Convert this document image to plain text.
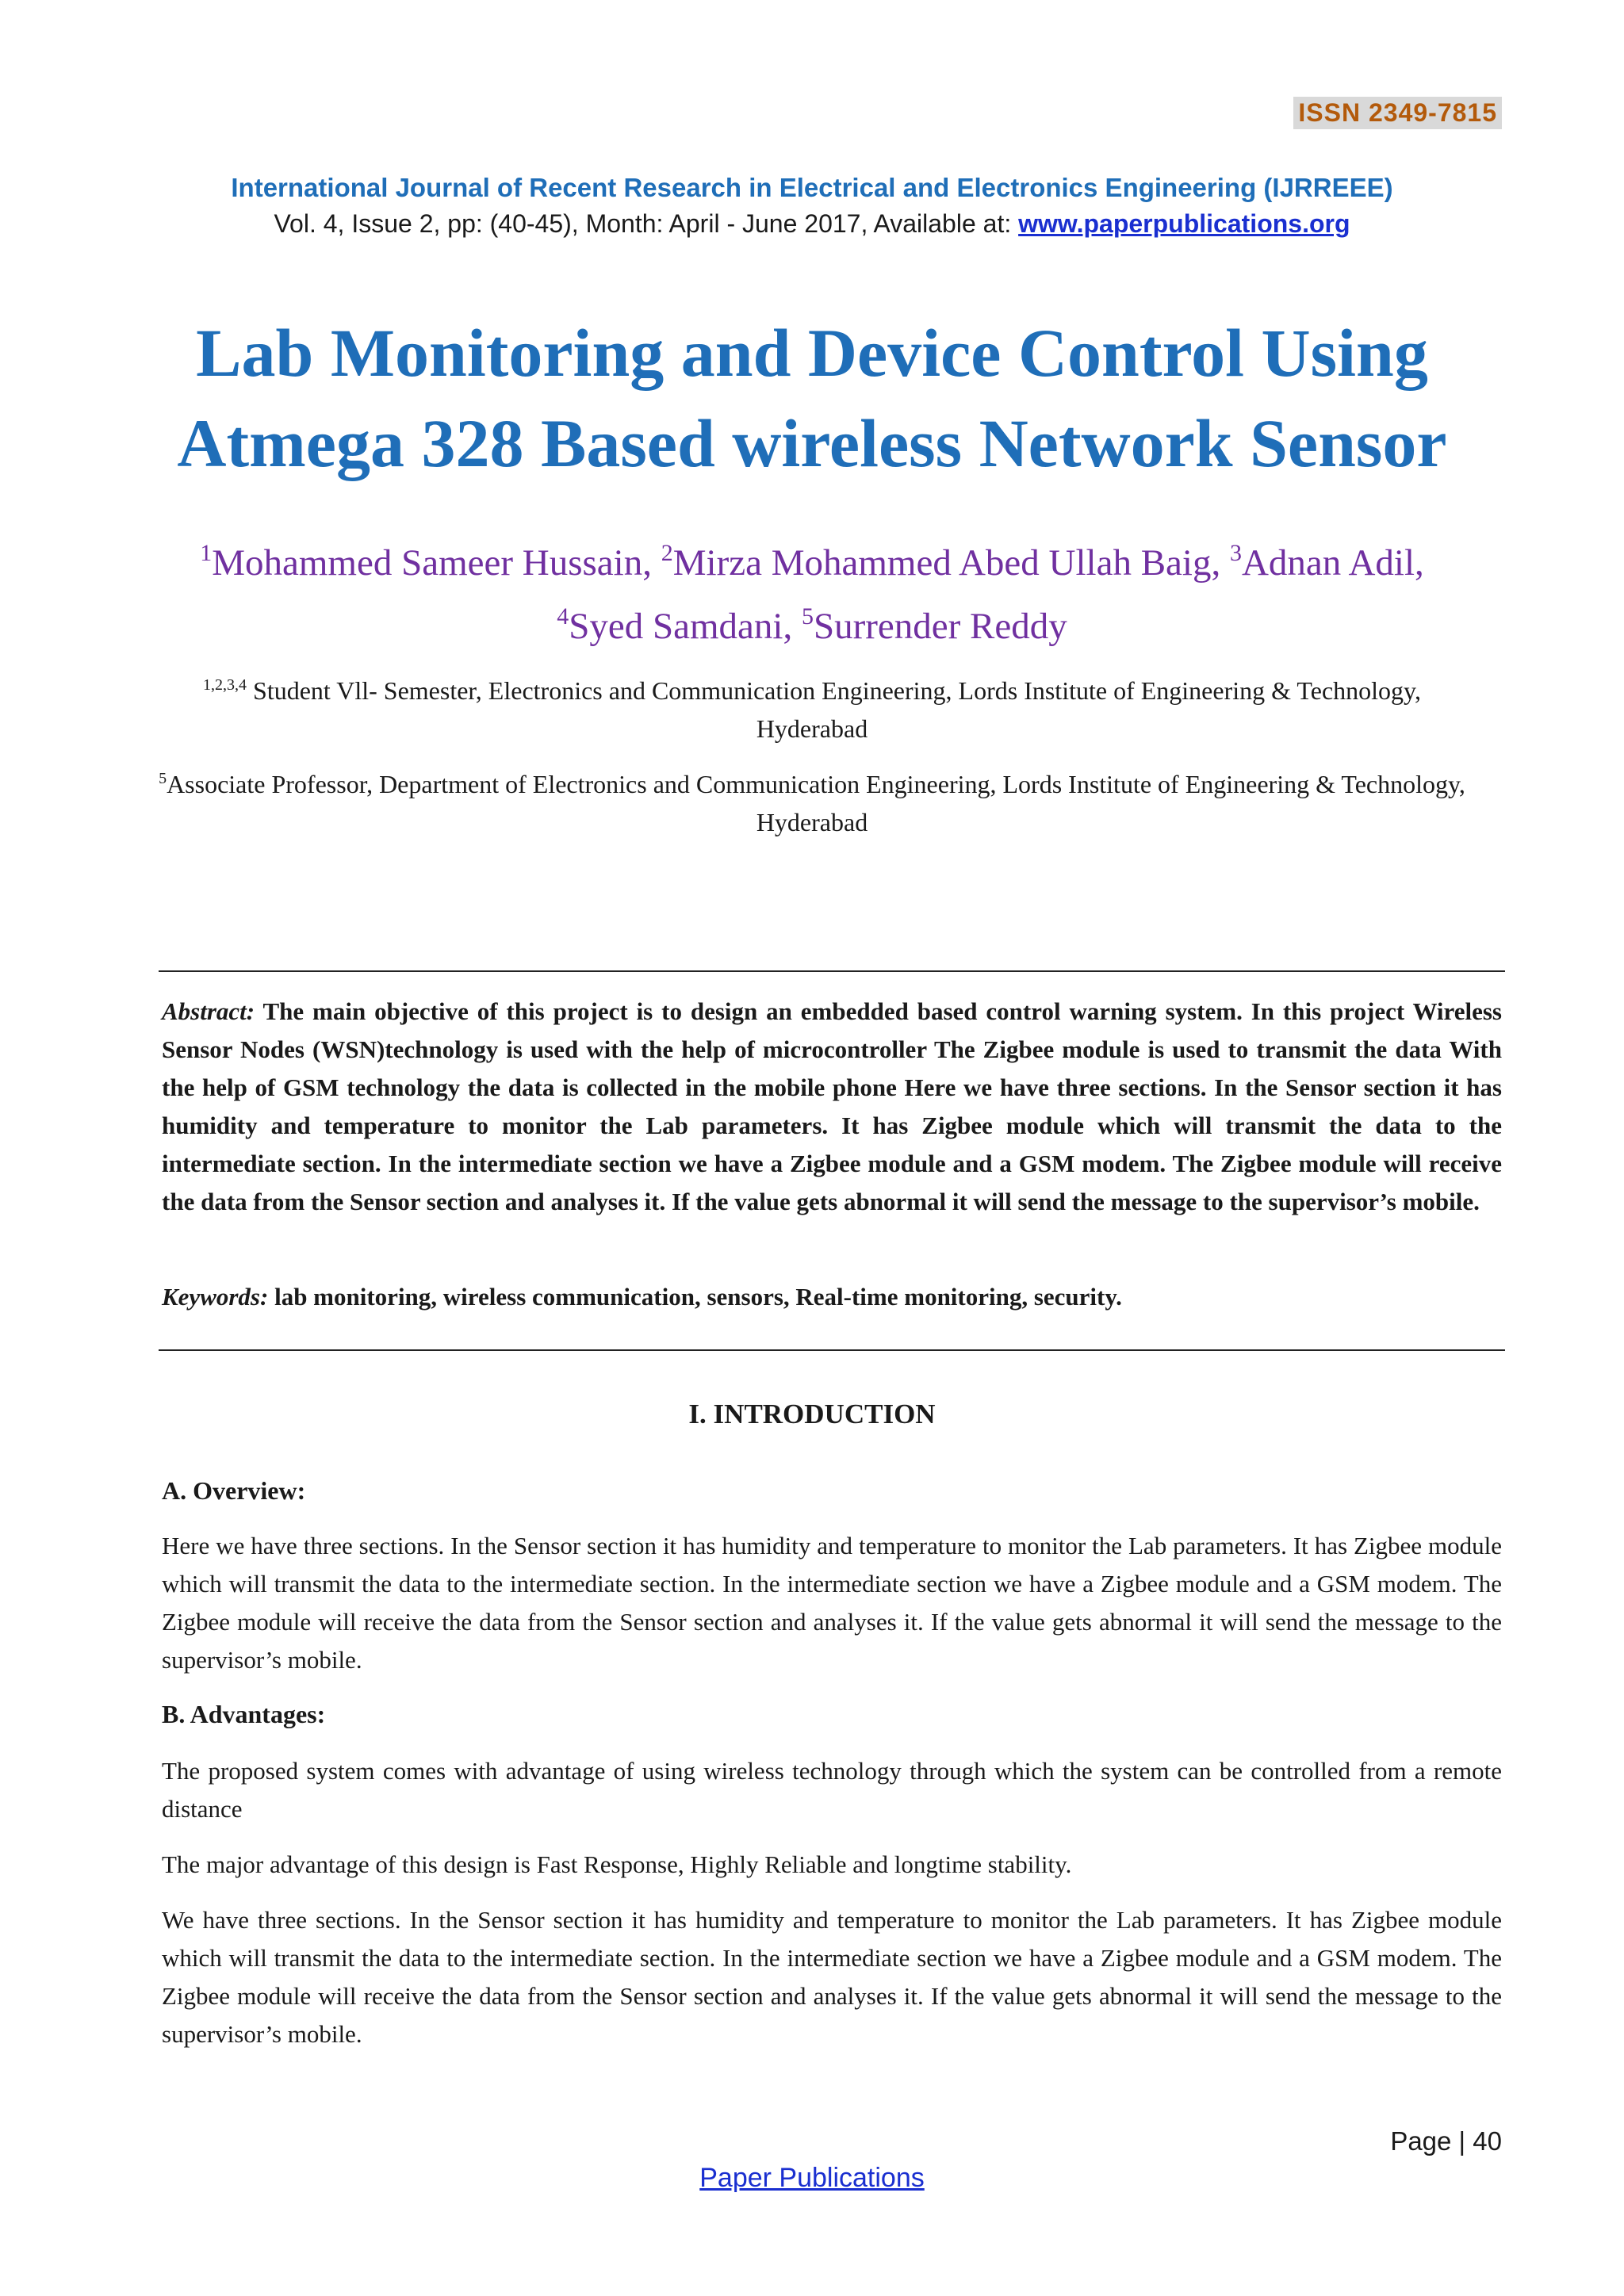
ISSN 2349-7815
International Journal of Recent Research in Electrical and Electronics Engineering (IJRREEE)
Vol. 4, Issue 2, pp: (40-45), Month: April - June 2017, Available at: www.paperpublications.org
Lab Monitoring and Device Control Using
Atmega 328 Based wireless Network Sensor
$^1$Mohammed Sameer Hussain, $^2$Mirza Mohammed Abed Ullah Baig, $^3$Adnan Adil,
$^4$Syed Samdani, $^5$Surrender Reddy
$^{1,2,3,4}$ Student Vll- Semester, Electronics and Communication Engineering, Lords Institute of Engineering & Technology, Hyderabad
$^5$Associate Professor, Department of Electronics and Communication Engineering, Lords Institute of Engineering & Technology, Hyderabad

Abstract: The main objective of this project is to design an embedded based control warning system. In this project Wireless Sensor Nodes (WSN)technology is used with the help of microcontroller The Zigbee module is used to transmit the data With the help of GSM technology the data is collected in the mobile phone Here we have three sections. In the Sensor section it has humidity and temperature to monitor the Lab parameters. It has Zigbee module which will transmit the data to the intermediate section. In the intermediate section we have a Zigbee module and a GSM modem. The Zigbee module will receive the data from the Sensor section and analyses it. If the value gets abnormal it will send the message to the supervisor’s mobile.

Keywords: lab monitoring, wireless communication, sensors, Real-time monitoring, security.

I. INTRODUCTION

A. Overview:

Here we have three sections. In the Sensor section it has humidity and temperature to monitor the Lab parameters. It has Zigbee module which will transmit the data to the intermediate section. In the intermediate section we have a Zigbee module and a GSM modem. The Zigbee module will receive the data from the Sensor section and analyses it. If the value gets abnormal it will send the message to the supervisor’s mobile.

B. Advantages:

The proposed system comes with advantage of using wireless technology through which the system can be controlled from a remote distance

The major advantage of this design is Fast Response, Highly Reliable and longtime stability.

We have three sections. In the Sensor section it has humidity and temperature to monitor the Lab parameters. It has Zigbee module which will transmit the data to the intermediate section. In the intermediate section we have a Zigbee module and a GSM modem. The Zigbee module will receive the data from the Sensor section and analyses it. If the value gets abnormal it will send the message to the supervisor’s mobile.

Page | 40
Paper Publications
